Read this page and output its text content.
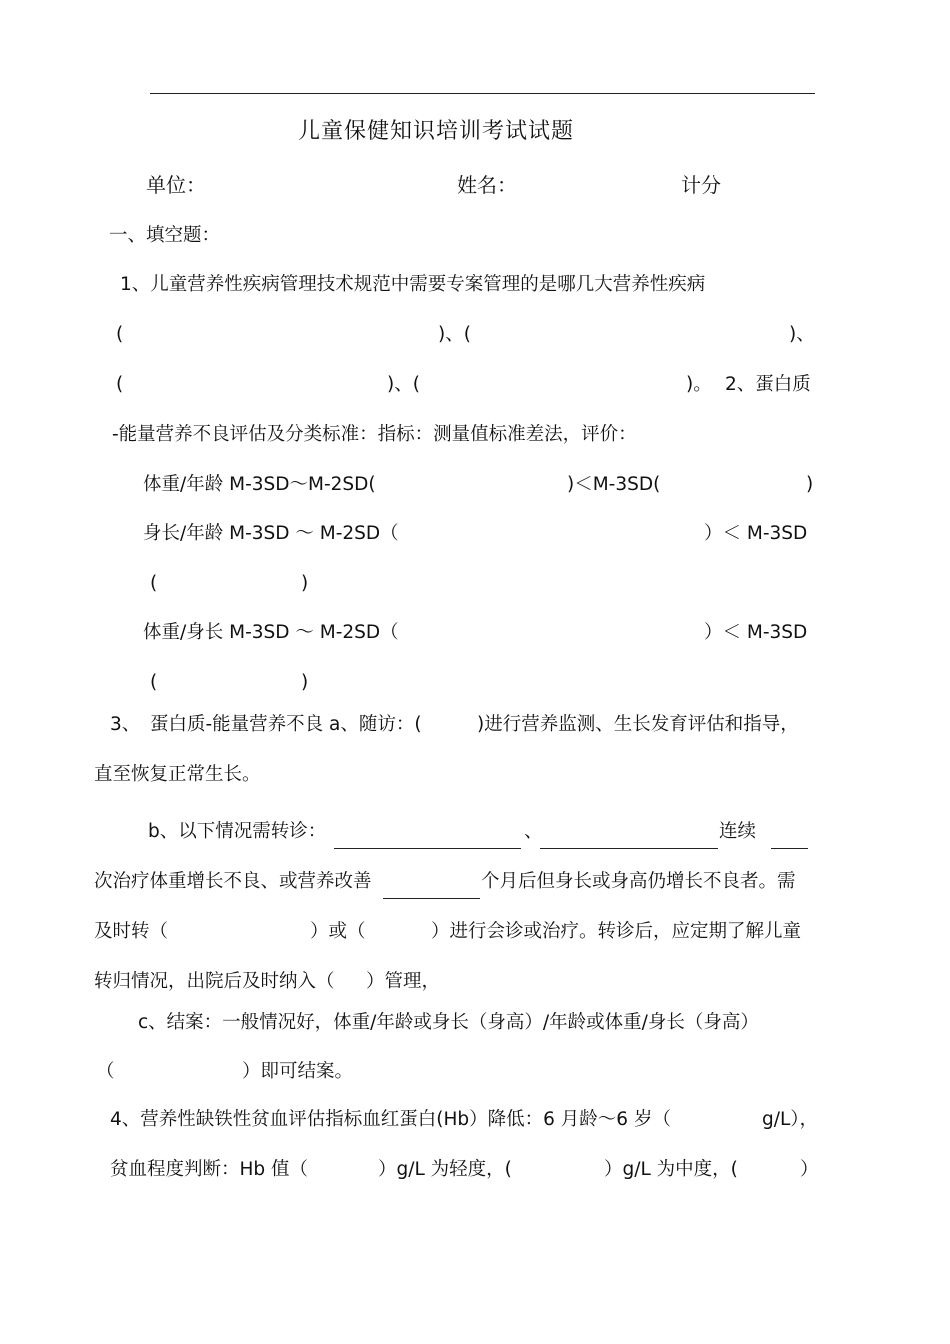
儿童保健知识培训考试试题
单位：	姓名：	计分
一、填空题：
1、儿童营养性疾病管理技术规范中需要专案管理的是哪几大营养性疾病
(	)、(	)、
(	)、(	)。 2、蛋白质
-能量营养不良评估及分类标准：指标：测量值标准差法，评价：
体重/年龄 M-3SD～M-2SD(	)＜M-3SD(	)
身长/年龄 M-3SD ～ M-2SD（	）＜ M-3SD
(	)
体重/身长 M-3SD ～ M-2SD（	）＜ M-3SD
(	)
3、 蛋白质-能量营养不良 a、随访：(	)进行营养监测、生长发育评估和指导，
直至恢复正常生长。
b、以下情况需转诊：	、	连续
次治疗体重增长不良、或营养改善	个月后但身长或身高仍增长不良者。需
及时转（	）或（	）进行会诊或治疗。转诊后，应定期了解儿童
转归情况，出院后及时纳入（ ）管理，
c、结案：一般情况好，体重/年龄或身长（身高）/年龄或体重/身长（身高）
（	）即可结案。
4、营养性缺铁性贫血评估指标血红蛋白(Hb）降低：6 月龄～6 岁（	g/L），
贫血程度判断：Hb 值（	）g/L 为轻度，(	）g/L 为中度，(	）
